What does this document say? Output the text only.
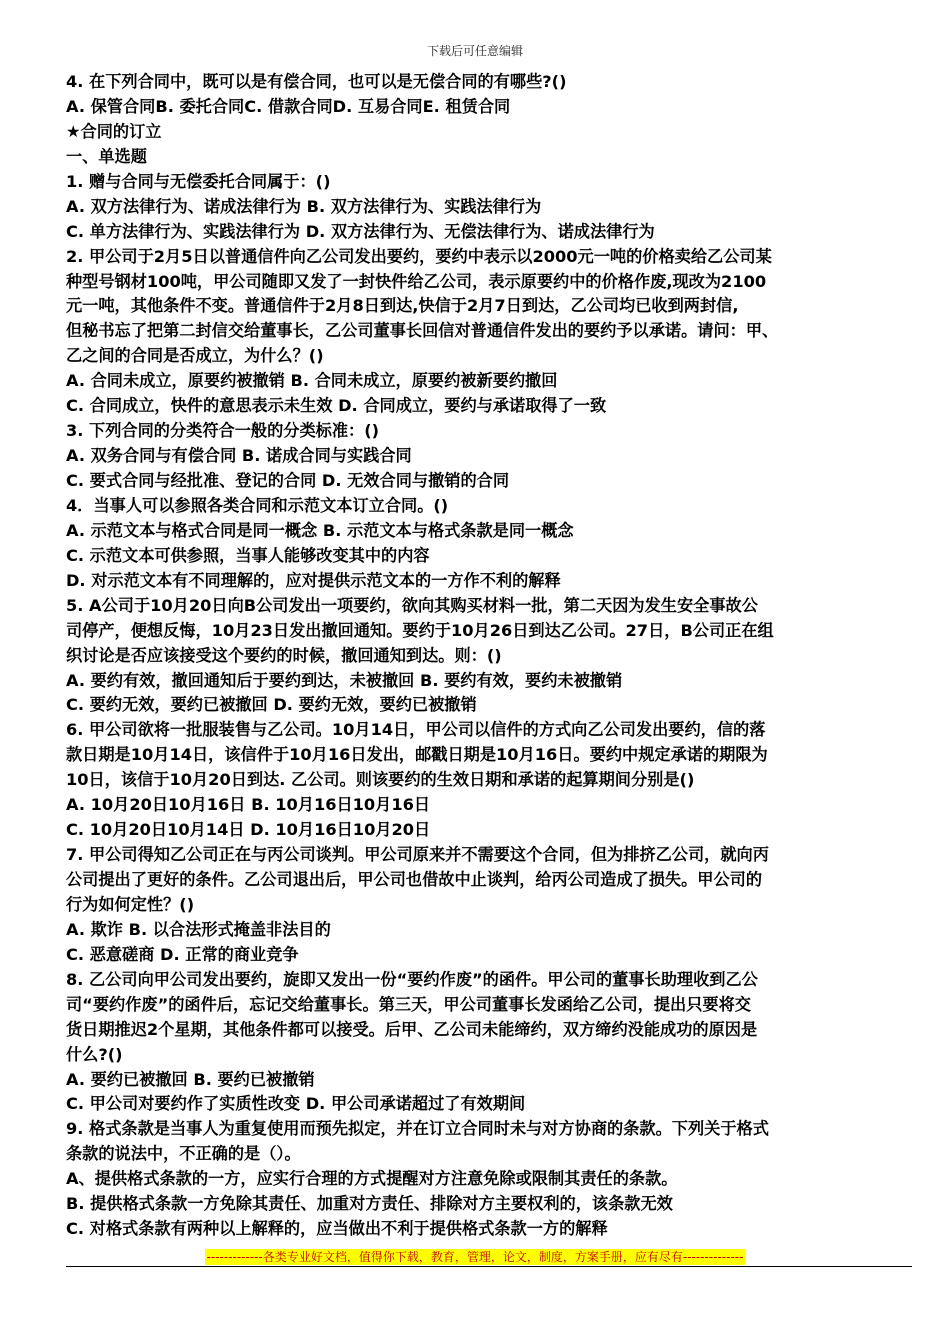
下载后可任意编辑
4. 在下列合同中，既可以是有偿合同，也可以是无偿合同的有哪些?()
A. 保管合同B. 委托合同C. 借款合同D. 互易合同E. 租赁合同
★合同的订立
一、单选题
1. 赠与合同与无偿委托合同属于：()
A. 双方法律行为、诺成法律行为 B. 双方法律行为、实践法律行为
C. 单方法律行为、实践法律行为 D. 双方法律行为、无偿法律行为、诺成法律行为
2. 甲公司于2月5日以普通信件向乙公司发出要约，要约中表示以2000元一吨的价格卖给乙公司某
种型号钢材100吨，甲公司随即又发了一封快件给乙公司，表示原要约中的价格作废,现改为2100
元一吨，其他条件不变。普通信件于2月8日到达,快信于2月7日到达，乙公司均已收到两封信,
但秘书忘了把第二封信交给董事长，乙公司董事长回信对普通信件发出的要约予以承诺。请问：甲、
乙之间的合同是否成立，为什么？()
A. 合同未成立，原要约被撤销 B. 合同未成立，原要约被新要约撤回
C. 合同成立，快件的意思表示未生效 D. 合同成立，要约与承诺取得了一致
3. 下列合同的分类符合一般的分类标准：()
A. 双务合同与有偿合同 B. 诺成合同与实践合同
C. 要式合同与经批准、登记的合同 D. 无效合同与撤销的合同
4．当事人可以参照各类合同和示范文本订立合同。()
A. 示范文本与格式合同是同一概念 B. 示范文本与格式条款是同一概念
C. 示范文本可供参照，当事人能够改变其中的内容
D. 对示范文本有不同理解的，应对提供示范文本的一方作不利的解释
5. A公司于10月20日向B公司发出一项要约，欲向其购买材料一批，第二天因为发生安全事故公
司停产，便想反悔，10月23日发出撤回通知。要约于10月26日到达乙公司。27日，B公司正在组
织讨论是否应该接受这个要约的时候，撤回通知到达。则：()
A. 要约有效，撤回通知后于要约到达，未被撤回 B. 要约有效，要约未被撤销
C. 要约无效，要约已被撤回 D. 要约无效，要约已被撤销
6. 甲公司欲将一批服装售与乙公司。10月14日，甲公司以信件的方式向乙公司发出要约，信的落
款日期是10月14日，该信件于10月16日发出，邮戳日期是10月16日。要约中规定承诺的期限为
10日，该信于10月20日到达. 乙公司。则该要约的生效日期和承诺的起算期间分别是()
A. 10月20日10月16日 B. 10月16日10月16日
C. 10月20日10月14日 D. 10月16日10月20日
7. 甲公司得知乙公司正在与丙公司谈判。甲公司原来并不需要这个合同，但为排挤乙公司，就向丙
公司提出了更好的条件。乙公司退出后，甲公司也借故中止谈判，给丙公司造成了损失。甲公司的
行为如何定性？()
A. 欺诈 B. 以合法形式掩盖非法目的
C. 恶意磋商 D. 正常的商业竞争
8. 乙公司向甲公司发出要约，旋即又发出一份“要约作废”的函件。甲公司的董事长助理收到乙公
司“要约作废”的函件后，忘记交给董事长。第三天，甲公司董事长发函给乙公司，提出只要将交
货日期推迟2个星期，其他条件都可以接受。后甲、乙公司未能缔约，双方缔约没能成功的原因是
什么?()
A. 要约已被撤回 B. 要约已被撤销
C. 甲公司对要约作了实质性改变 D. 甲公司承诺超过了有效期间
9. 格式条款是当事人为重复使用而预先拟定，并在订立合同时未与对方协商的条款。下列关于格式
条款的说法中，不正确的是（）。
A、提供格式条款的一方，应实行合理的方式提醒对方注意免除或限制其责任的条款。
B. 提供格式条款一方免除其责任、加重对方责任、排除对方主要权利的，该条款无效
C. 对格式条款有两种以上解释的，应当做出不利于提供格式条款一方的解释
-------------各类专业好文档，值得你下载，教育，管理，论文，制度，方案手册，应有尽有--------------
